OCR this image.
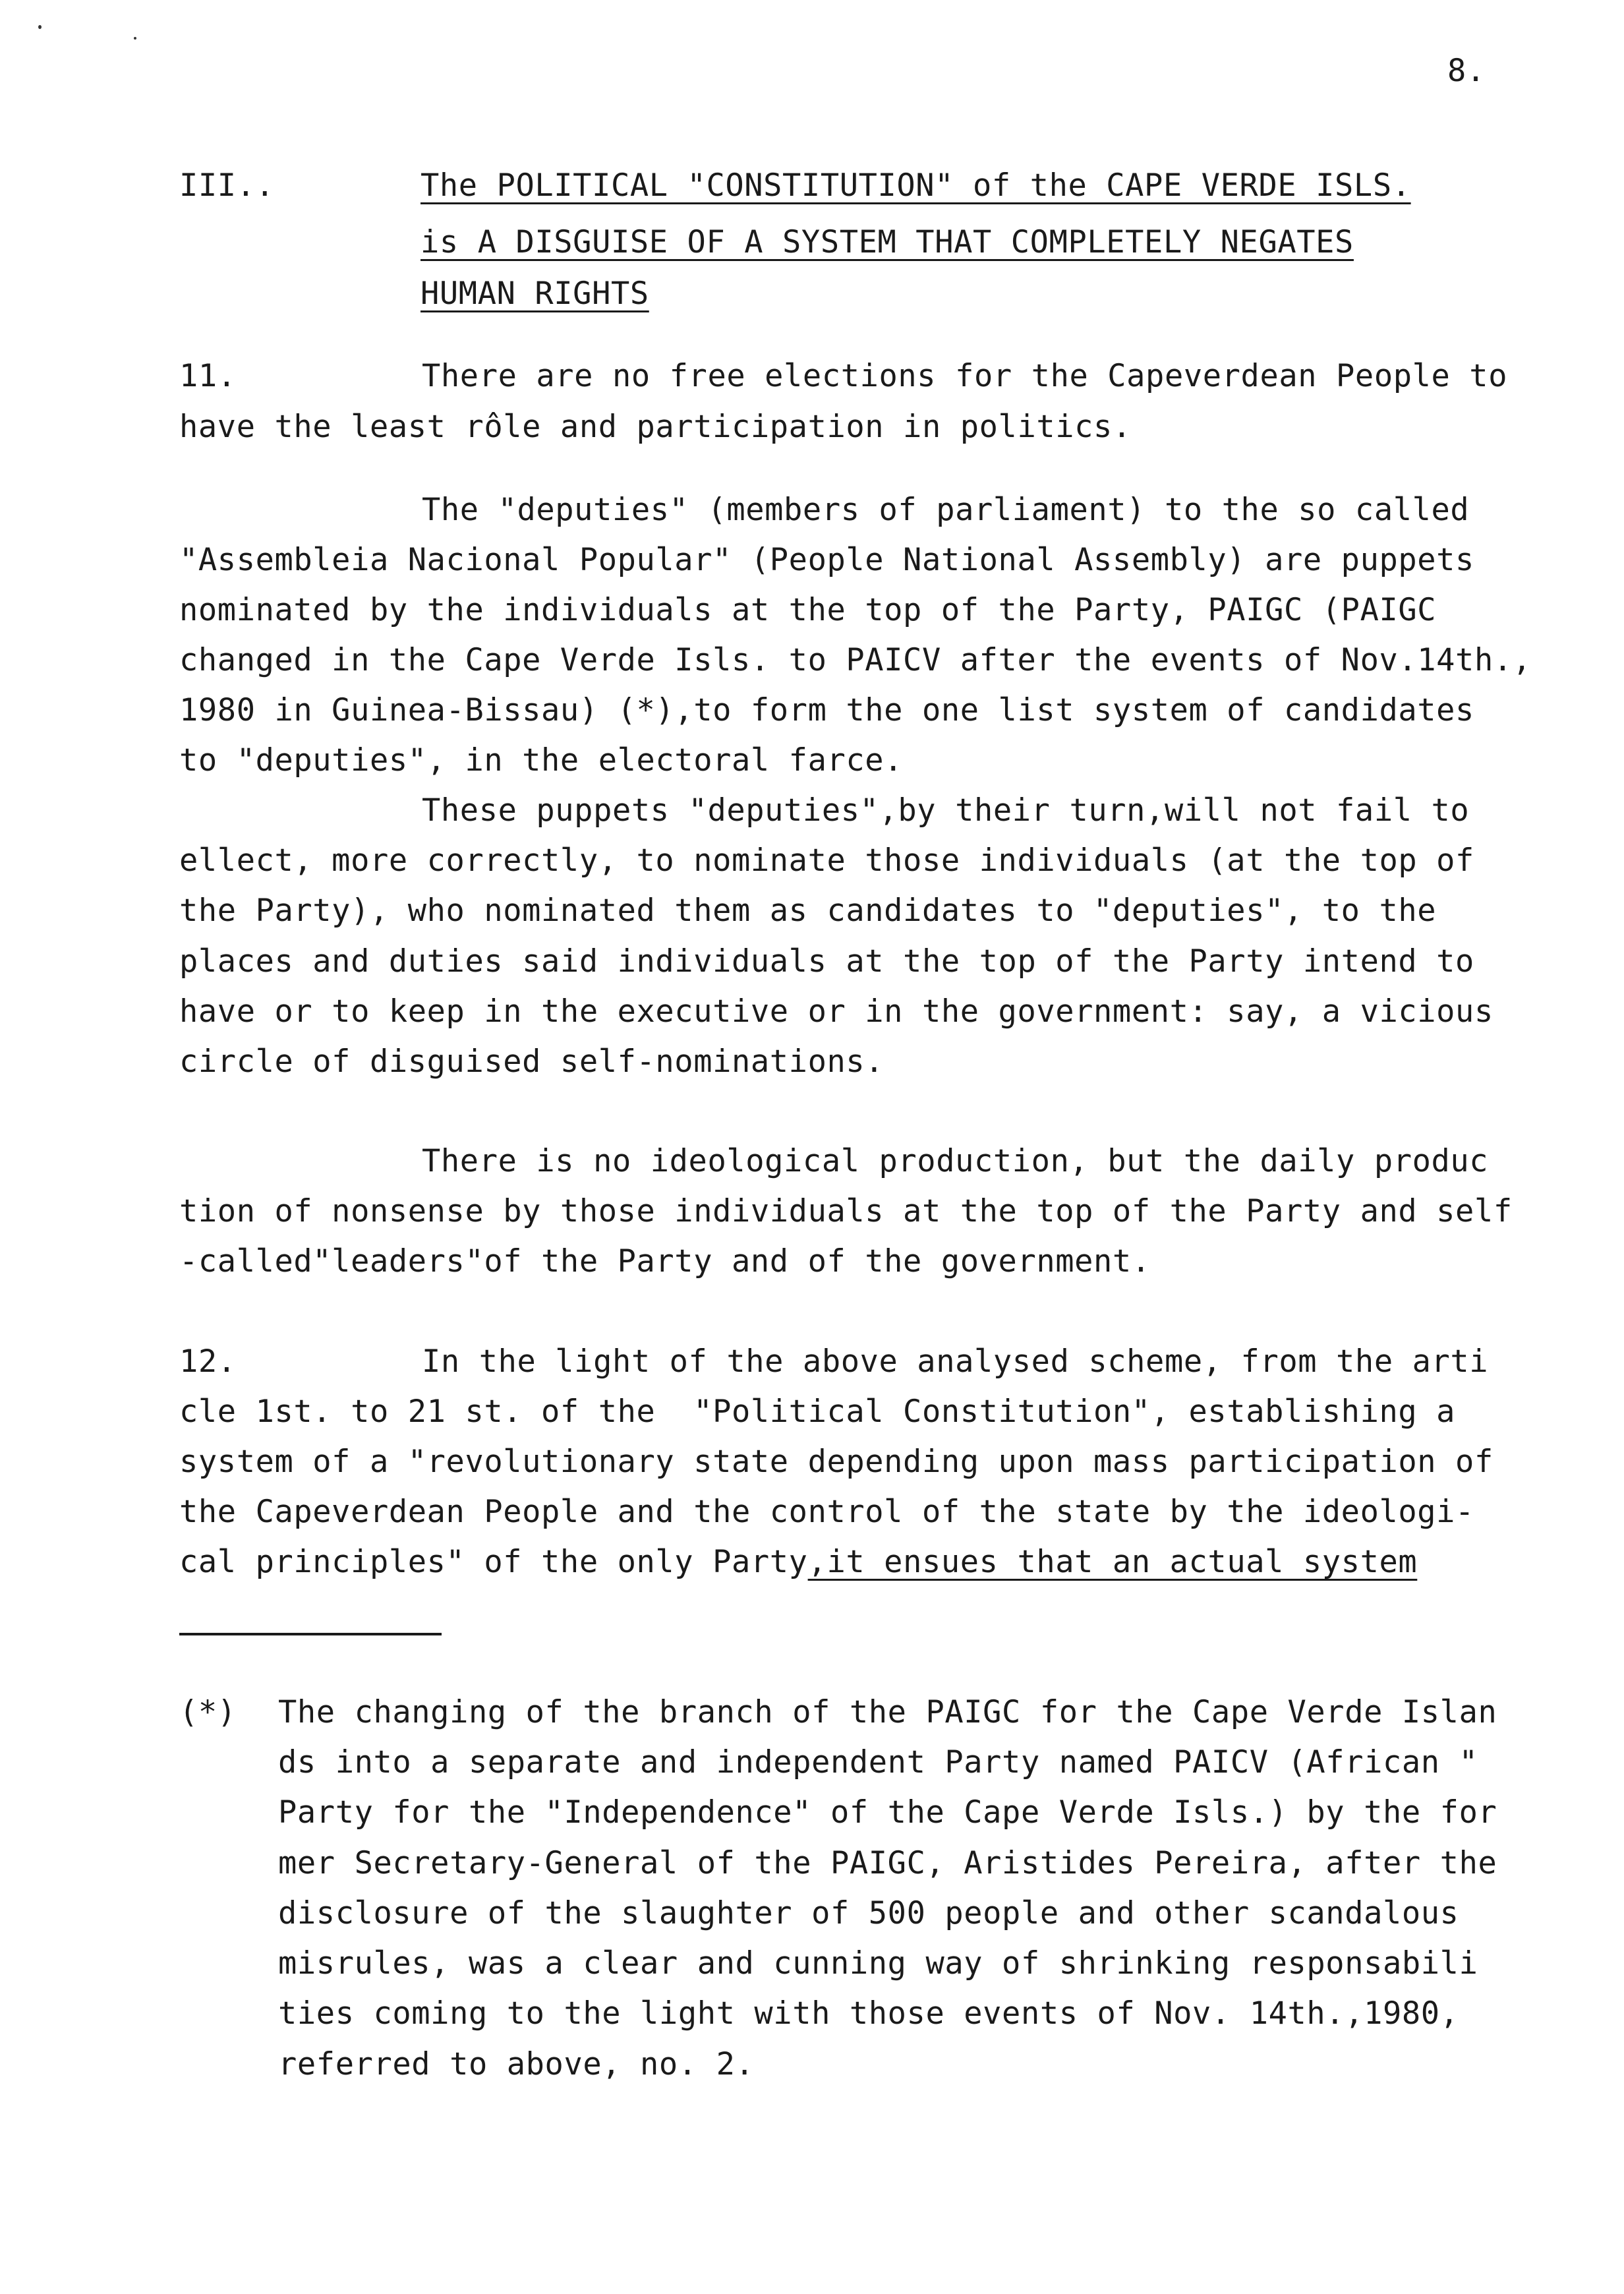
8.
III..	The POLITICAL "CONSTITUTION" of the CAPE VERDE ISLS.
is A DISGUISE OF A SYSTEM THAT COMPLETELY NEGATES
HUMAN RIGHTS
11.	There are no free elections for the Capeverdean People to
have the least rôle and participation in politics.
The "deputies" (members of parliament) to the so called
"Assembleia Nacional Popular" (People National Assembly) are puppets
nominated by the individuals at the top of the Party, PAIGC (PAIGC
changed in the Cape Verde Isls. to PAICV after the events of Nov.14th.,
1980 in Guinea-Bissau) (*),to form the one list system of candidates
to "deputies", in the electoral farce.
These puppets "deputies",by their turn,will not fail to
ellect, more correctly, to nominate those individuals (at the top of
the Party), who nominated them as candidates to "deputies", to the
places and duties said individuals at the top of the Party intend to
have or to keep in the executive or in the government: say, a vicious
circle of disguised self-nominations.
There is no ideological production, but the daily produc
tion of nonsense by those individuals at the top of the Party and self
-called"leaders"of the Party and of the government.
12.	In the light of the above analysed scheme, from the arti
cle 1st. to 21 st. of the  "Political Constitution", establishing a
system of a "revolutionary state depending upon mass participation of
the Capeverdean People and the control of the state by the ideologi-
cal principles" of the only Party,it ensues that an actual system
(*) The changing of the branch of the PAIGC for the Cape Verde Islan
ds into a separate and independent Party named PAICV (African "
Party for the "Independence" of the Cape Verde Isls.) by the for
mer Secretary-General of the PAIGC, Aristides Pereira, after the
disclosure of the slaughter of 500 people and other scandalous
misrules, was a clear and cunning way of shrinking responsabili
ties coming to the light with those events of Nov. 14th.,1980,
referred to above, no. 2.
